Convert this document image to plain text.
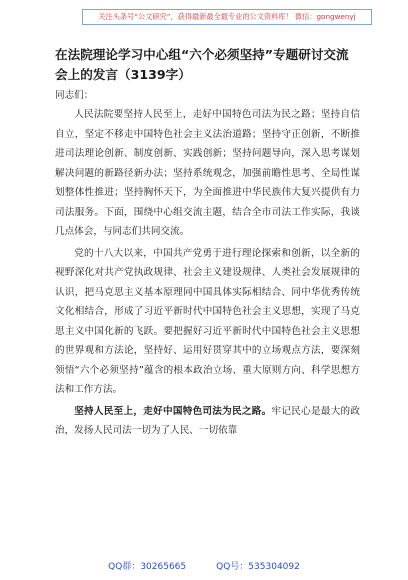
关注头条号“公文研究”，获得最新最全最专业的公文资料库！ 微信：gongwenyj

在法院理论学习中心组“六个必须坚持”专题研讨交流会上的发言（3139字）

同志们：

人民法院要坚持人民至上，走好中国特色司法为民之路；坚持自信自立，坚定不移走中国特色社会主义法治道路；坚持守正创新，不断推进司法理论创新、制度创新、实践创新；坚持问题导向，深入思考谋划解决问题的新路径新办法；坚持系统观念，加强前瞻性思考、全局性谋划整体性推进；坚持胸怀天下，为全面推进中华民族伟大复兴提供有力司法服务。下面，围绕中心组交流主题，结合全市司法工作实际，我谈几点体会，与同志们共同交流。

党的十八大以来，中国共产党勇于进行理论探索和创新，以全新的视野深化对共产党执政规律、社会主义建设规律、人类社会发展规律的认识，把马克思主义基本原理同中国具体实际相结合、同中华优秀传统文化相结合，形成了习近平新时代中国特色社会主义思想，实现了马克思主义中国化新的飞跃。要把握好习近平新时代中国特色社会主义思想的世界观和方法论，坚持好、运用好贯穿其中的立场观点方法，要深刻领悟“六个必须坚持”蕴含的根本政治立场、重大原则方向、科学思想方法和工作方法。

坚持人民至上，走好中国特色司法为民之路。牢记民心是最大的政治，发扬人民司法一切为了人民、一切依靠

QQ群：30265665	QQ号：535304092
